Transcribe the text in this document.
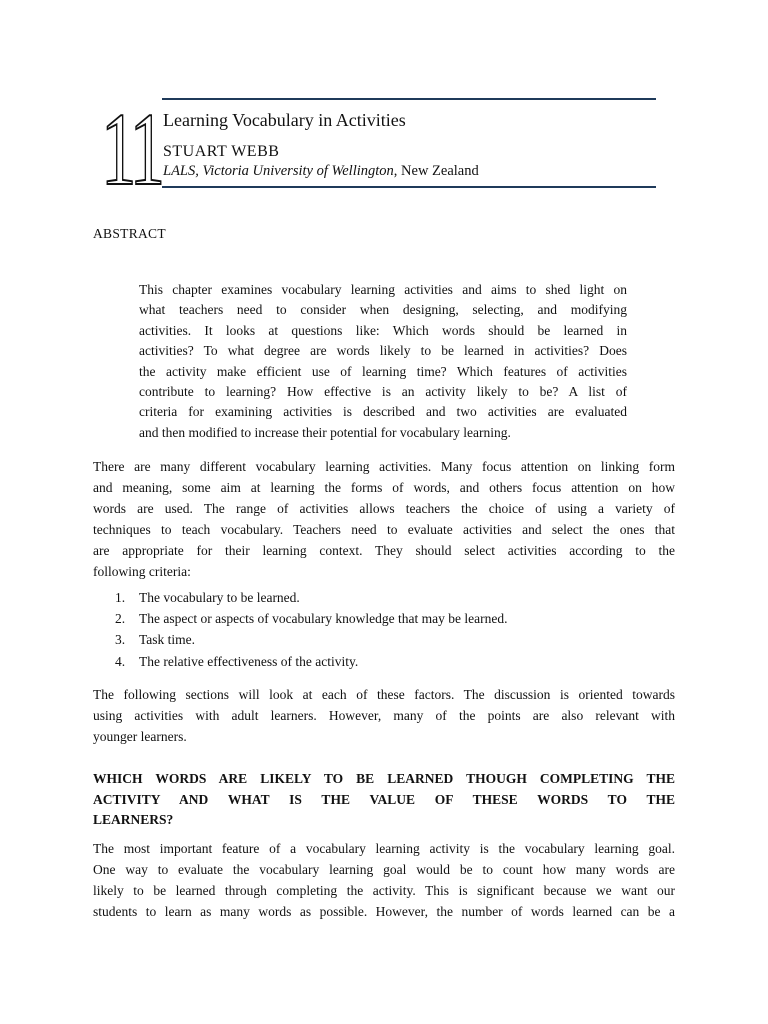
11 Learning Vocabulary in Activities
STUART WEBB
LALS, Victoria University of Wellington, New Zealand
ABSTRACT
This chapter examines vocabulary learning activities and aims to shed light on
what teachers need to consider when designing, selecting, and modifying
activities. It looks at questions like: Which words should be learned in
activities? To what degree are words likely to be learned in activities? Does
the activity make efficient use of learning time? Which features of activities
contribute to learning? How effective is an activity likely to be? A list of
criteria for examining activities is described and two activities are evaluated
and then modified to increase their potential for vocabulary learning.
There are many different vocabulary learning activities. Many focus attention on linking form
and meaning, some aim at learning the forms of words, and others focus attention on how
words are used. The range of activities allows teachers the choice of using a variety of
techniques to teach vocabulary. Teachers need to evaluate activities and select the ones that
are appropriate for their learning context. They should select activities according to the
following criteria:
1. The vocabulary to be learned.
2. The aspect or aspects of vocabulary knowledge that may be learned.
3. Task time.
4. The relative effectiveness of the activity.
The following sections will look at each of these factors. The discussion is oriented towards
using activities with adult learners. However, many of the points are also relevant with
younger learners.
WHICH WORDS ARE LIKELY TO BE LEARNED THOUGH COMPLETING THE
ACTIVITY AND WHAT IS THE VALUE OF THESE WORDS TO THE
LEARNERS?
The most important feature of a vocabulary learning activity is the vocabulary learning goal.
One way to evaluate the vocabulary learning goal would be to count how many words are
likely to be learned through completing the activity. This is significant because we want our
students to learn as many words as possible. However, the number of words learned can be a
